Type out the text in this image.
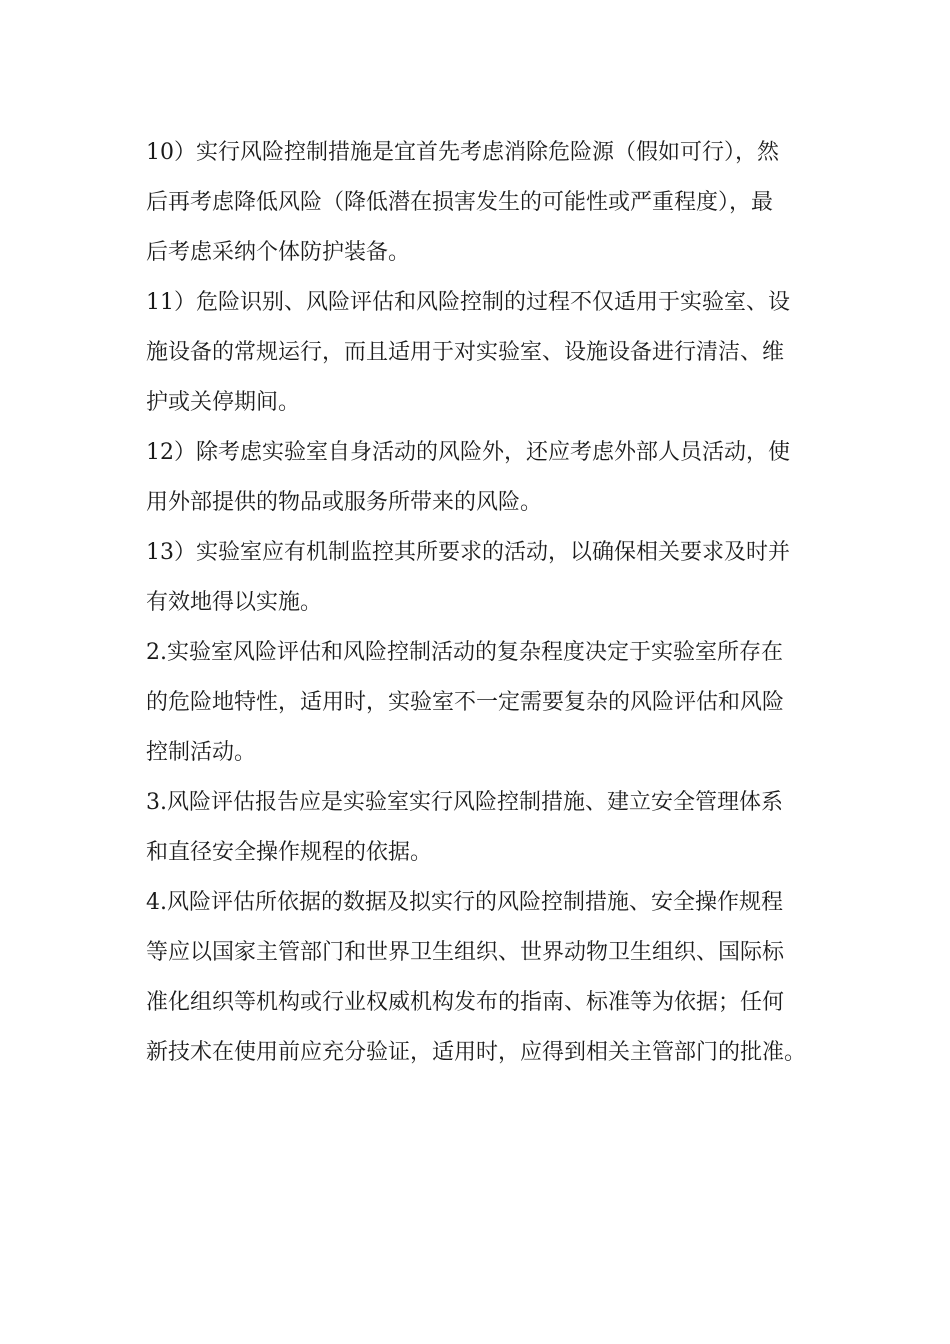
10）实行风险控制措施是宜首先考虑消除危险源（假如可行），然
后再考虑降低风险（降低潜在损害发生的可能性或严重程度），最
后考虑采纳个体防护装备。

11）危险识别、风险评估和风险控制的过程不仅适用于实验室、设
施设备的常规运行，而且适用于对实验室、设施设备进行清洁、维
护或关停期间。

12）除考虑实验室自身活动的风险外，还应考虑外部人员活动，使
用外部提供的物品或服务所带来的风险。

13）实验室应有机制监控其所要求的活动，以确保相关要求及时并
有效地得以实施。

2.实验室风险评估和风险控制活动的复杂程度决定于实验室所存在
的危险地特性，适用时，实验室不一定需要复杂的风险评估和风险
控制活动。

3.风险评估报告应是实验室实行风险控制措施、建立安全管理体系
和直径安全操作规程的依据。

4.风险评估所依据的数据及拟实行的风险控制措施、安全操作规程
等应以国家主管部门和世界卫生组织、世界动物卫生组织、国际标
准化组织等机构或行业权威机构发布的指南、标准等为依据；任何
新技术在使用前应充分验证，适用时，应得到相关主管部门的批准。
